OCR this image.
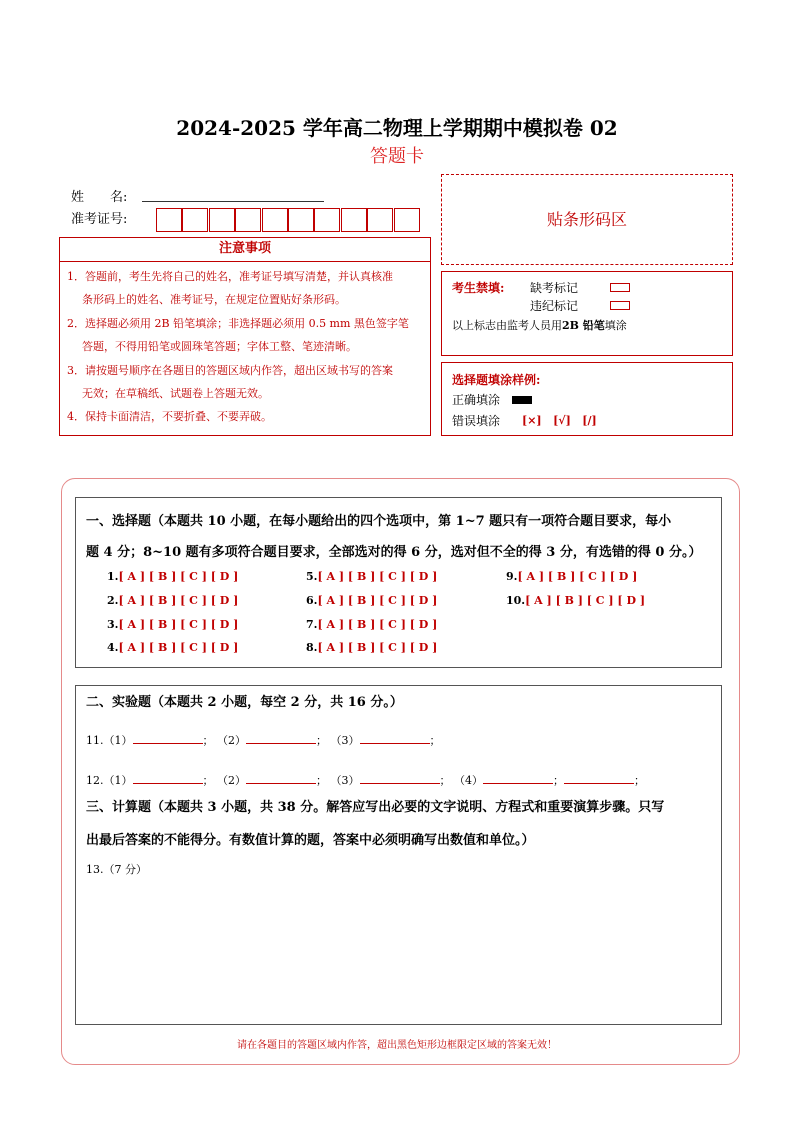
2024-2025 学年高二物理上学期期中模拟卷 02
答题卡
姓　　名:
准考证号:
注意事项
1．答题前，考生先将自己的姓名，准考证号填写清楚，并认真核准
条形码上的姓名、准考证号，在规定位置贴好条形码。
2．选择题必须用 2B 铅笔填涂；非选择题必须用 0.5 mm 黑色签字笔
答题，不得用铅笔或圆珠笔答题；字体工整、笔迹清晰。
3．请按题号顺序在各题目的答题区域内作答，超出区域书写的答案
无效；在草稿纸、试题卷上答题无效。
4．保持卡面清洁，不要折叠、不要弄破。
贴条形码区
考生禁填: 缺考标记
违纪标记
以上标志由监考人员用2B 铅笔填涂
选择题填涂样例:
正确填涂
错误填涂 [×] [√] [/]
一、选择题（本题共 10 小题，在每小题给出的四个选项中，第 1~7 题只有一项符合题目要求，每小
题 4 分；8~10 题有多项符合题目要求，全部选对的得 6 分，选对但不全的得 3 分，有选错的得 0 分。）
1.[ A ] [ B ] [ C ] [ D ]
2.[ A ] [ B ] [ C ] [ D ]
3.[ A ] [ B ] [ C ] [ D ]
4.[ A ] [ B ] [ C ] [ D ]
5.[ A ] [ B ] [ C ] [ D ]
6.[ A ] [ B ] [ C ] [ D ]
7.[ A ] [ B ] [ C ] [ D ]
8.[ A ] [ B ] [ C ] [ D ]
9.[ A ] [ B ] [ C ] [ D ]
10.[ A ] [ B ] [ C ] [ D ]
二、实验题（本题共 2 小题，每空 2 分，共 16 分。）
11.（1）	； （2）	； （3）	；
12.（1）	； （2）	； （3）	； （4）	；	；
三、计算题（本题共 3 小题，共 38 分。解答应写出必要的文字说明、方程式和重要演算步骤。只写
出最后答案的不能得分。有数值计算的题，答案中必须明确写出数值和单位。）
13.（7 分）
请在各题目的答题区域内作答，超出黑色矩形边框限定区域的答案无效！
